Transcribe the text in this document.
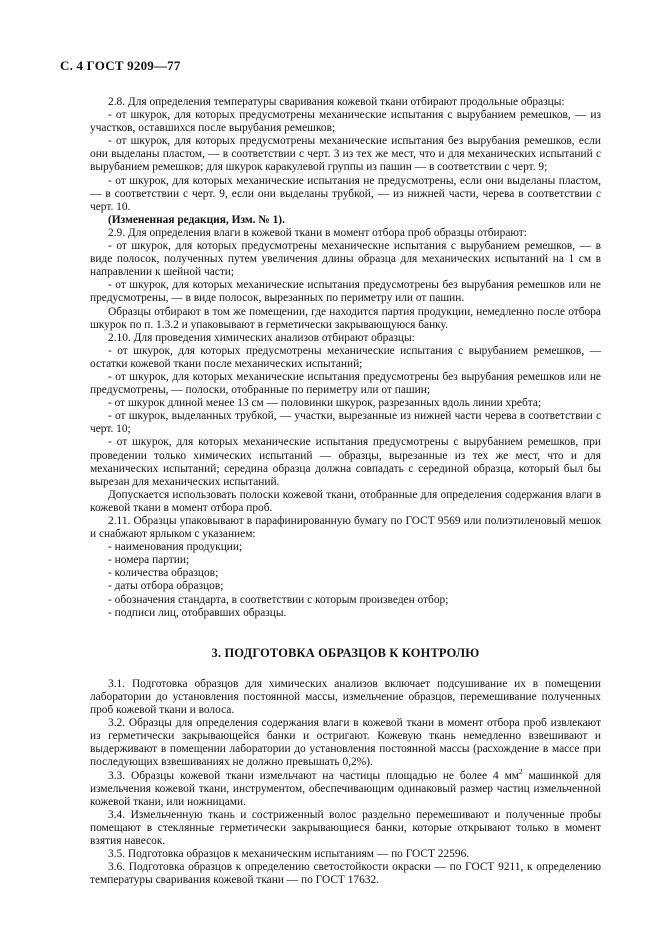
С. 4 ГОСТ 9209—77

2.8. Для определения температуры сваривания кожевой ткани отбирают продольные образцы:

- от шкурок, для которых предусмотрены механические испытания с вырубанием ремешков, — из участков, оставшихся после вырубания ремешков;

- от шкурок, для которых предусмотрены механические испытания без вырубания ремешков, если они выделаны пластом, — в соответствии с черт. 3 из тех же мест, что и для механических испытаний с вырубанием ремешков; для шкурок каракулевой группы из пашин — в соответствии с черт. 9;

- от шкурок, для которых механические испытания не предусмотрены, если они выделаны пластом, — в соответствии с черт. 9, если они выделаны трубкой, — из нижней части, черева в соответствии с черт. 10.

(Измененная редакция, Изм. № 1).

2.9. Для определения влаги в кожевой ткани в момент отбора проб образцы отбирают:

- от шкурок, для которых предусмотрены механические испытания с вырубанием ремешков, — в виде полосок, полученных путем увеличения длины образца для механических испытаний на 1 см в направлении к шейной части;

- от шкурок, для которых механические испытания предусмотрены без вырубания ремешков или не предусмотрены, — в виде полосок, вырезанных по периметру или от пашин.

Образцы отбирают в том же помещении, где находится партия продукции, немедленно после отбора шкурок по п. 1.3.2 и упаковывают в герметически закрывающуюся банку.

2.10. Для проведения химических анализов отбирают образцы:

- от шкурок, для которых предусмотрены механические испытания с вырубанием ремешков, — остатки кожевой ткани после механических испытаний;

- от шкурок, для которых механические испытания предусмотрены без вырубания ремешков или не предусмотрены, — полоски, отобранные по периметру или от пашин;

- от шкурок длиной менее 13 см — половинки шкурок, разрезанных вдоль линии хребта;

- от шкурок, выделанных трубкой, — участки, вырезанные из нижней части черева в соответствии с черт. 10;

- от шкурок, для которых механические испытания предусмотрены с вырубанием ремешков, при проведении только химических испытаний — образцы, вырезанные из тех же мест, что и для механических испытаний; середина образца должна совпадать с серединой образца, который был бы вырезан для механических испытаний.

Допускается использовать полоски кожевой ткани, отобранные для определения содержания влаги в кожевой ткани в момент отбора проб.

2.11. Образцы упаковывают в парафинированную бумагу по ГОСТ 9569 или полиэтиленовый мешок и снабжают ярлыком с указанием:

- наименования продукции;

- номера партии;

- количества образцов;

- даты отбора образцов;

- обозначения стандарта, в соответствии с которым произведен отбор;

- подписи лиц, отобравших образцы.

3. ПОДГОТОВКА ОБРАЗЦОВ К КОНТРОЛЮ

3.1. Подготовка образцов для химических анализов включает подсушивание их в помещении лаборатории до установления постоянной массы, измельчение образцов, перемешивание полученных проб кожевой ткани и волоса.

3.2. Образцы для определения содержания влаги в кожевой ткани в момент отбора проб извлекают из герметически закрывающейся банки и остригают. Кожевую ткань немедленно взвешивают и выдерживают в помещении лаборатории до установления постоянной массы (расхождение в массе при последующих взвешиваниях не должно превышать 0,2%).

3.3. Образцы кожевой ткани измельчают на частицы площадью не более 4 $мм^2$ машинкой для измельчения кожевой ткани, инструментом, обеспечивающим одинаковый размер частиц измельченной кожевой ткани, или ножницами.

3.4. Измельченную ткань и состриженный волос раздельно перемешивают и полученные пробы помещают в стеклянные герметически закрывающиеся банки, которые открывают только в момент взятия навесок.

3.5. Подготовка образцов к механическим испытаниям — по ГОСТ 22596.

3.6. Подготовка образцов к определению светостойкости окраски — по ГОСТ 9211, к определению температуры сваривания кожевой ткани — по ГОСТ 17632.
